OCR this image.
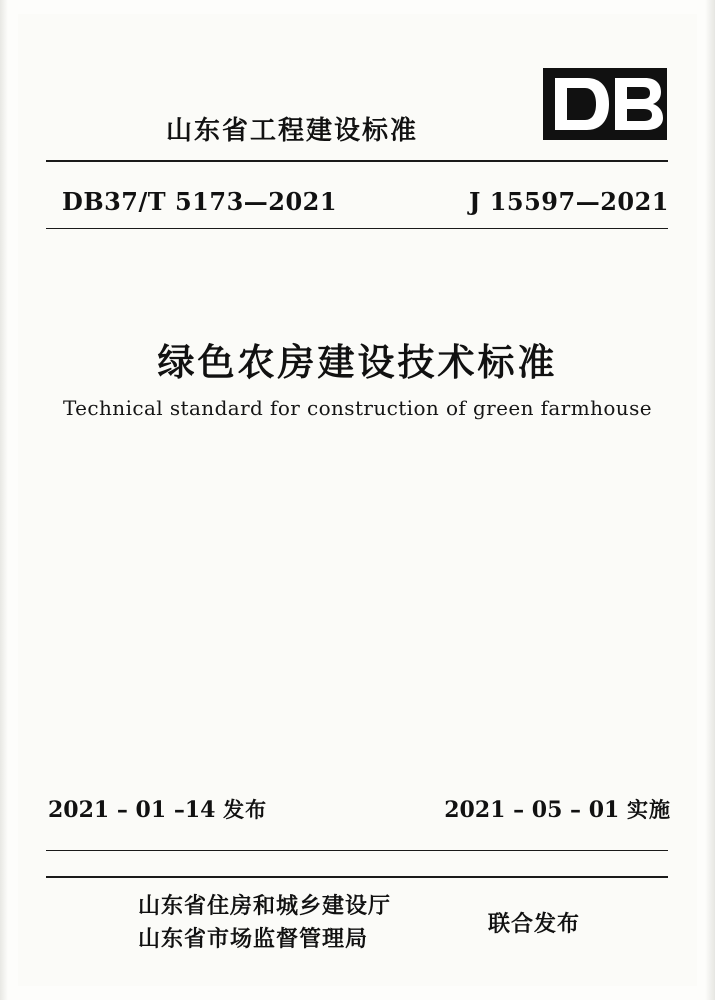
山东省工程建设标准
DB37/T 5173—2021	J 15597—2021
绿色农房建设技术标准
Technical standard for construction of green farmhouse
2021 – 01 –14 发布	2021 – 05 – 01 实施
山东省住房和城乡建设厅
山东省市场监督管理局
联合发布
